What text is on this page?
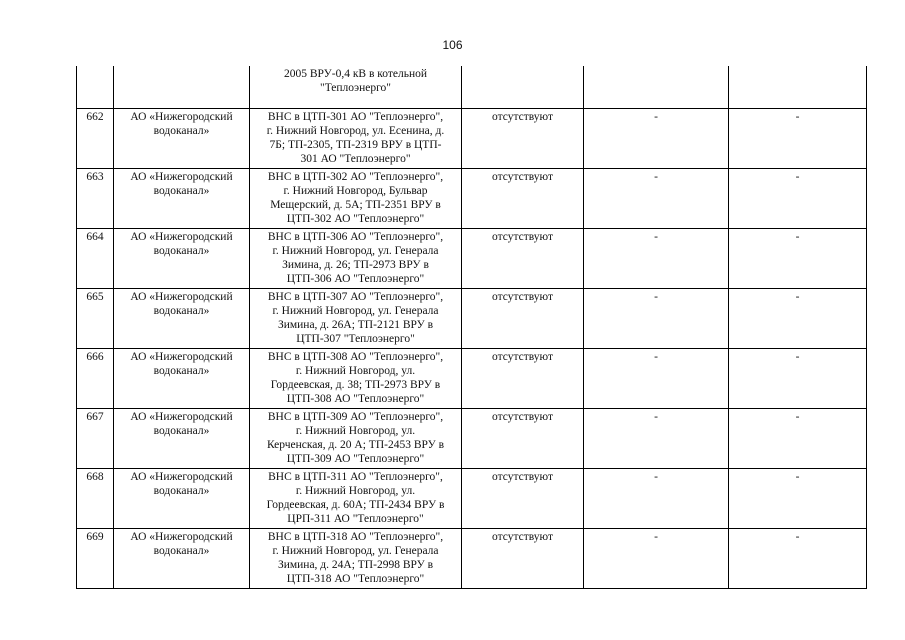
106

		2005 ВРУ-0,4 кВ в котельной
"Теплоэнерго"			

662	АО «Нижегородский
водоканал»	ВНС в ЦТП-301 АО "Теплоэнерго",
г. Нижний Новгород, ул. Есенина, д.
7Б; ТП-2305, ТП-2319 ВРУ в ЦТП-
301 АО "Теплоэнерго"	отсутствуют	-	-

663	АО «Нижегородский
водоканал»	ВНС в ЦТП-302 АО "Теплоэнерго",
г. Нижний Новгород, Бульвар
Мещерский, д. 5А; ТП-2351 ВРУ в
ЦТП-302 АО "Теплоэнерго"	отсутствуют	-	-

664	АО «Нижегородский
водоканал»	ВНС в ЦТП-306 АО "Теплоэнерго",
г. Нижний Новгород, ул. Генерала
Зимина, д. 26; ТП-2973 ВРУ в
ЦТП-306 АО "Теплоэнерго"	отсутствуют	-	-

665	АО «Нижегородский
водоканал»	ВНС в ЦТП-307 АО "Теплоэнерго",
г. Нижний Новгород, ул. Генерала
Зимина, д. 26А; ТП-2121 ВРУ в
ЦТП-307 "Теплоэнерго"	отсутствуют	-	-

666	АО «Нижегородский
водоканал»	ВНС в ЦТП-308 АО "Теплоэнерго",
г. Нижний Новгород, ул.
Гордеевская, д. 38; ТП-2973 ВРУ в
ЦТП-308 АО "Теплоэнерго"	отсутствуют	-	-

667	АО «Нижегородский
водоканал»	ВНС в ЦТП-309 АО "Теплоэнерго",
г. Нижний Новгород, ул.
Керченская, д. 20 А; ТП-2453 ВРУ в
ЦТП-309 АО "Теплоэнерго"	отсутствуют	-	-

668	АО «Нижегородский
водоканал»	ВНС в ЦТП-311 АО "Теплоэнерго",
г. Нижний Новгород, ул.
Гордеевская, д. 60А; ТП-2434 ВРУ в
ЦРП-311 АО "Теплоэнерго"	отсутствуют	-	-

669	АО «Нижегородский
водоканал»	ВНС в ЦТП-318 АО "Теплоэнерго",
г. Нижний Новгород, ул. Генерала
Зимина, д. 24А; ТП-2998 ВРУ в
ЦТП-318 АО "Теплоэнерго"	отсутствуют	-	-
